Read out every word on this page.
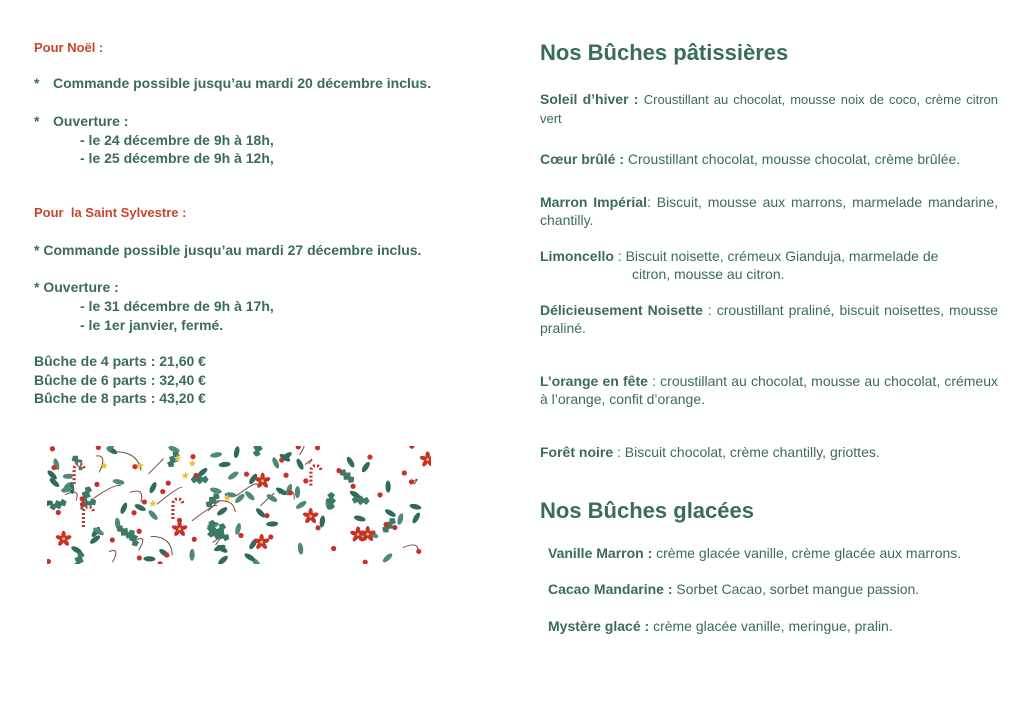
Pour Noël :
* Commande possible jusqu’au mardi 20 décembre inclus.
* Ouverture :
- le 24 décembre de 9h à 18h,
- le 25 décembre de 9h à 12h,
Pour  la Saint Sylvestre :
* Commande possible jusqu’au mardi 27 décembre inclus.
* Ouverture :
- le 31 décembre de 9h à 17h,
- le 1er janvier, fermé.
Bûche de 4 parts : 21,60 €
Bûche de 6 parts : 32,40 €
Bûche de 8 parts : 43,20 €
Nos Bûches pâtissières
Soleil d’hiver : Croustillant au chocolat, mousse noix de coco, crème citron vert
Cœur brûlé : Croustillant chocolat, mousse chocolat, crème brûlée.
Marron Impérial: Biscuit, mousse aux marrons, marmelade mandarine, chantilly.
Limoncello : Biscuit noisette, crémeux Gianduja, marmelade de
citron, mousse au citron.
Délicieusement Noisette : croustillant praliné, biscuit noisettes, mousse praliné.
L’orange en fête : croustillant au chocolat, mousse au chocolat, crémeux à l’orange, confit d’orange.
Forêt noire : Biscuit chocolat, crème chantilly, griottes.
Nos Bûches glacées
Vanille Marron : crème glacée vanille, crème glacée aux marrons.
Cacao Mandarine : Sorbet Cacao, sorbet mangue passion.
Mystère glacé : crème glacée vanille, meringue, pralin.
